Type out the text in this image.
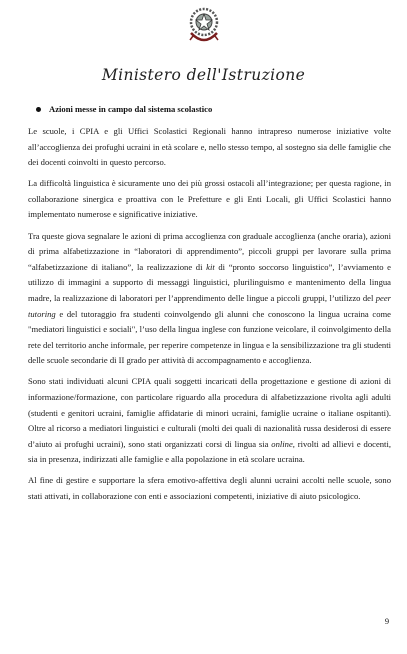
Ministero dell'Istruzione
Azioni messe in campo dal sistema scolastico

Le scuole, i CPIA e gli Uffici Scolastici Regionali hanno intrapreso numerose iniziative volte all’accoglienza dei profughi ucraini in età scolare e, nello stesso tempo, al sostegno sia delle famiglie che dei docenti coinvolti in questo percorso.

La difficoltà linguistica è sicuramente uno dei più grossi ostacoli all’integrazione; per questa ragione, in collaborazione sinergica e proattiva con le Prefetture e gli Enti Locali, gli Uffici Scolastici hanno implementato numerose e significative iniziative.

Tra queste giova segnalare le azioni di prima accoglienza con graduale accoglienza (anche oraria), azioni di prima alfabetizzazione in “laboratori di apprendimento”, piccoli gruppi per lavorare sulla prima “alfabetizzazione di italiano”, la realizzazione di kit di “pronto soccorso linguistico”, l’avviamento e utilizzo di immagini a supporto di messaggi linguistici, plurilinguismo e mantenimento della lingua madre, la realizzazione di laboratori per l’apprendimento delle lingue a piccoli gruppi, l’utilizzo del peer tutoring e del tutoraggio fra studenti coinvolgendo gli alunni che conoscono la lingua ucraina come "mediatori linguistici e sociali", l’uso della lingua inglese con funzione veicolare, il coinvolgimento della rete del territorio anche informale, per reperire competenze in lingua e la sensibilizzazione tra gli studenti delle scuole secondarie di II grado per attività di accompagnamento e accoglienza.

Sono stati individuati alcuni CPIA quali soggetti incaricati della progettazione e gestione di azioni di informazione/formazione, con particolare riguardo alla procedura di alfabetizzazione rivolta agli adulti (studenti e genitori ucraini, famiglie affidatarie di minori ucraini, famiglie ucraine o italiane ospitanti). Oltre al ricorso a mediatori linguistici e culturali (molti dei quali di nazionalità russa desiderosi di essere d’aiuto ai profughi ucraini), sono stati organizzati corsi di lingua sia online, rivolti ad allievi e docenti, sia in presenza, indirizzati alle famiglie e alla popolazione in età scolare ucraina.

Al fine di gestire e supportare la sfera emotivo-affettiva degli alunni ucraini accolti nelle scuole, sono stati attivati, in collaborazione con enti e associazioni competenti, iniziative di aiuto psicologico.

9
